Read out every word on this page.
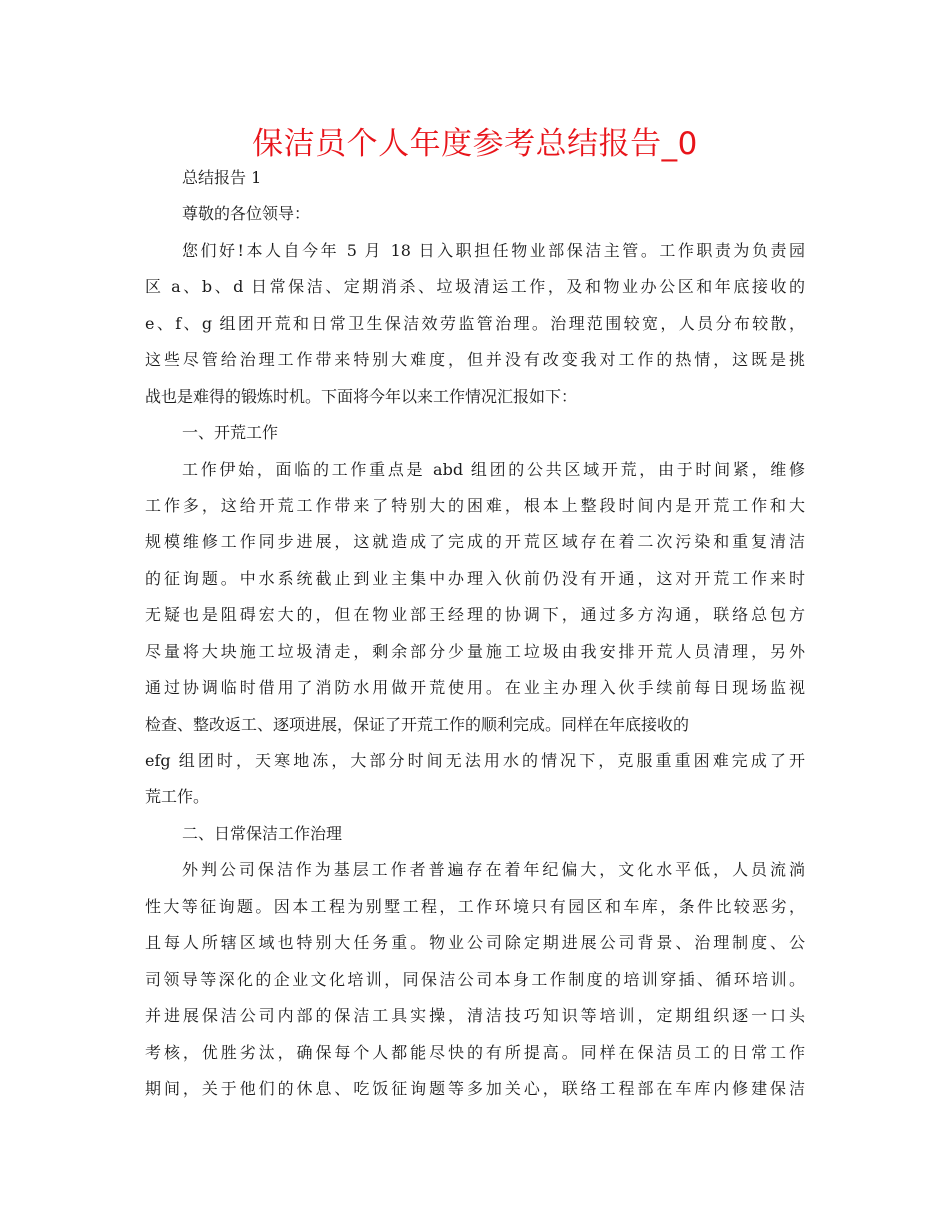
保洁员个人年度参考总结报告_0
总结报告 1
尊敬的各位领导：
您们好!本人自今年 5 月 18 日入职担任物业部保洁主管。工作职责为负责园
区 a、b、d 日常保洁、定期消杀、垃圾清运工作，及和物业办公区和年底接收的
e、f、g 组团开荒和日常卫生保洁效劳监管治理。治理范围较宽，人员分布较散，
这些尽管给治理工作带来特别大难度，但并没有改变我对工作的热情，这既是挑
战也是难得的锻炼时机。下面将今年以来工作情况汇报如下：
一、开荒工作
工作伊始，面临的工作重点是 abd 组团的公共区域开荒，由于时间紧，维修
工作多，这给开荒工作带来了特别大的困难，根本上整段时间内是开荒工作和大
规模维修工作同步进展，这就造成了完成的开荒区域存在着二次污染和重复清洁
的征询题。中水系统截止到业主集中办理入伙前仍没有开通，这对开荒工作来时
无疑也是阻碍宏大的，但在物业部王经理的协调下，通过多方沟通，联络总包方
尽量将大块施工垃圾清走，剩余部分少量施工垃圾由我安排开荒人员清理，另外
通过协调临时借用了消防水用做开荒使用。在业主办理入伙手续前每日现场监视
检查、整改返工、逐项进展，保证了开荒工作的顺利完成。同样在年底接收的
efg 组团时，天寒地冻，大部分时间无法用水的情况下，克服重重困难完成了开
荒工作。
二、日常保洁工作治理
外判公司保洁作为基层工作者普遍存在着年纪偏大，文化水平低，人员流淌
性大等征询题。因本工程为别墅工程，工作环境只有园区和车库，条件比较恶劣，
且每人所辖区域也特别大任务重。物业公司除定期进展公司背景、治理制度、公
司领导等深化的企业文化培训，同保洁公司本身工作制度的培训穿插、循环培训。
并进展保洁公司内部的保洁工具实操，清洁技巧知识等培训，定期组织逐一口头
考核，优胜劣汰，确保每个人都能尽快的有所提高。同样在保洁员工的日常工作
期间，关于他们的休息、吃饭征询题等多加关心，联络工程部在车库内修建保洁
